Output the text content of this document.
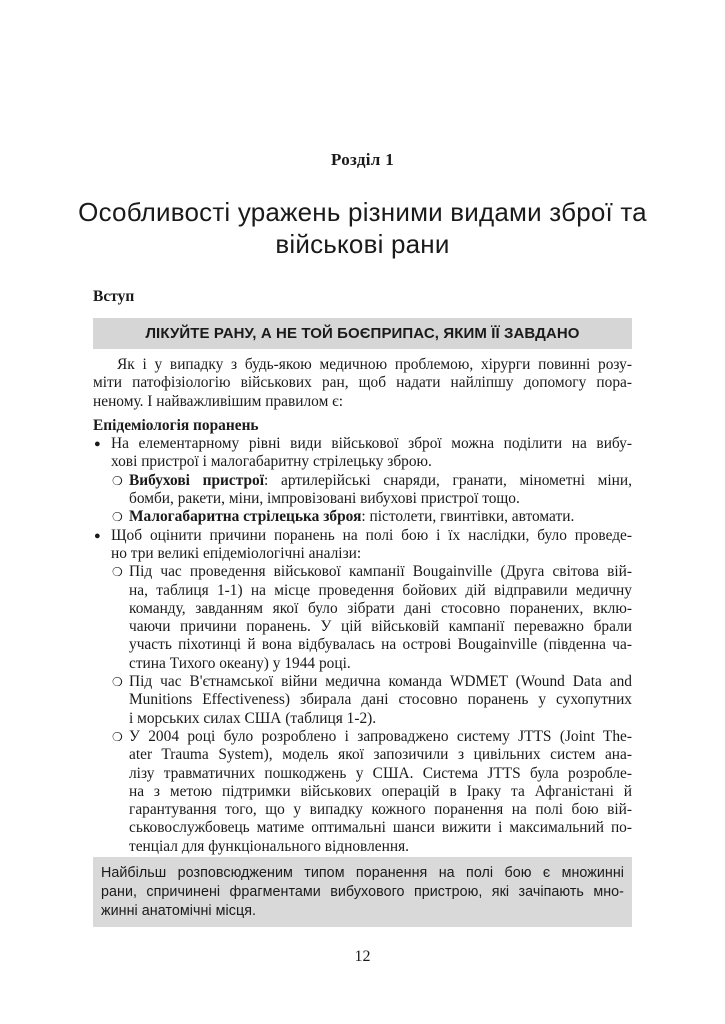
Розділ 1
Особливості уражень різними видами зброї та
військові рани
Вступ
ЛІКУЙТЕ РАНУ, А НЕ ТОЙ БОЄПРИПАС, ЯКИМ ЇЇ ЗАВДАНО
Як і у випадку з будь-якою медичною проблемою, хірурги повинні розу-
міти патофізіологію військових ран, щоб надати найліпшу допомогу пора-
неному. І найважливішим правилом є:
Епідеміологія поранень
● На елементарному рівні види військової зброї можна поділити на вибу-
хові пристрої і малогабаритну стрілецьку зброю.
❍ Вибухові пристрої: артилерійські снаряди, гранати, мінометні міни,
бомби, ракети, міни, імпровізовані вибухові пристрої тощо.
❍ Малогабаритна стрілецька зброя: пістолети, гвинтівки, автомати.
● Щоб оцінити причини поранень на полі бою і їх наслідки, було проведе-
но три великі епідеміологічні аналізи:
❍ Під час проведення військової кампанії Bougainville (Друга світова вій-
на, таблиця 1-1) на місце проведення бойових дій відправили медичну
команду, завданням якої було зібрати дані стосовно поранених, вклю-
чаючи причини поранень. У цій військовій кампанії переважно брали
участь піхотинці й вона відбувалась на острові Bougainville (південна ча-
стина Тихого океану) у 1944 році.
❍ Під час В'єтнамської війни медична команда WDMET (Wound Data and
Munitions Effectiveness) збирала дані стосовно поранень у сухопутних
і морських силах США (таблиця 1-2).
❍ У 2004 році було розроблено і запроваджено систему JTTS (Joint The-
ater Trauma System), модель якої запозичили з цивільних систем ана-
лізу травматичних пошкоджень у США. Система JTTS була розробле-
на з метою підтримки військових операцій в Іраку та Афганістані й
гарантування того, що у випадку кожного поранення на полі бою вій-
ськовослужбовець матиме оптимальні шанси вижити і максимальний по-
тенціал для функціонального відновлення.
Найбільш розповсюдженим типом поранення на полі бою є множинні
рани, спричинені фрагментами вибухового пристрою, які зачіпають мно-
жинні анатомічні місця.
12
